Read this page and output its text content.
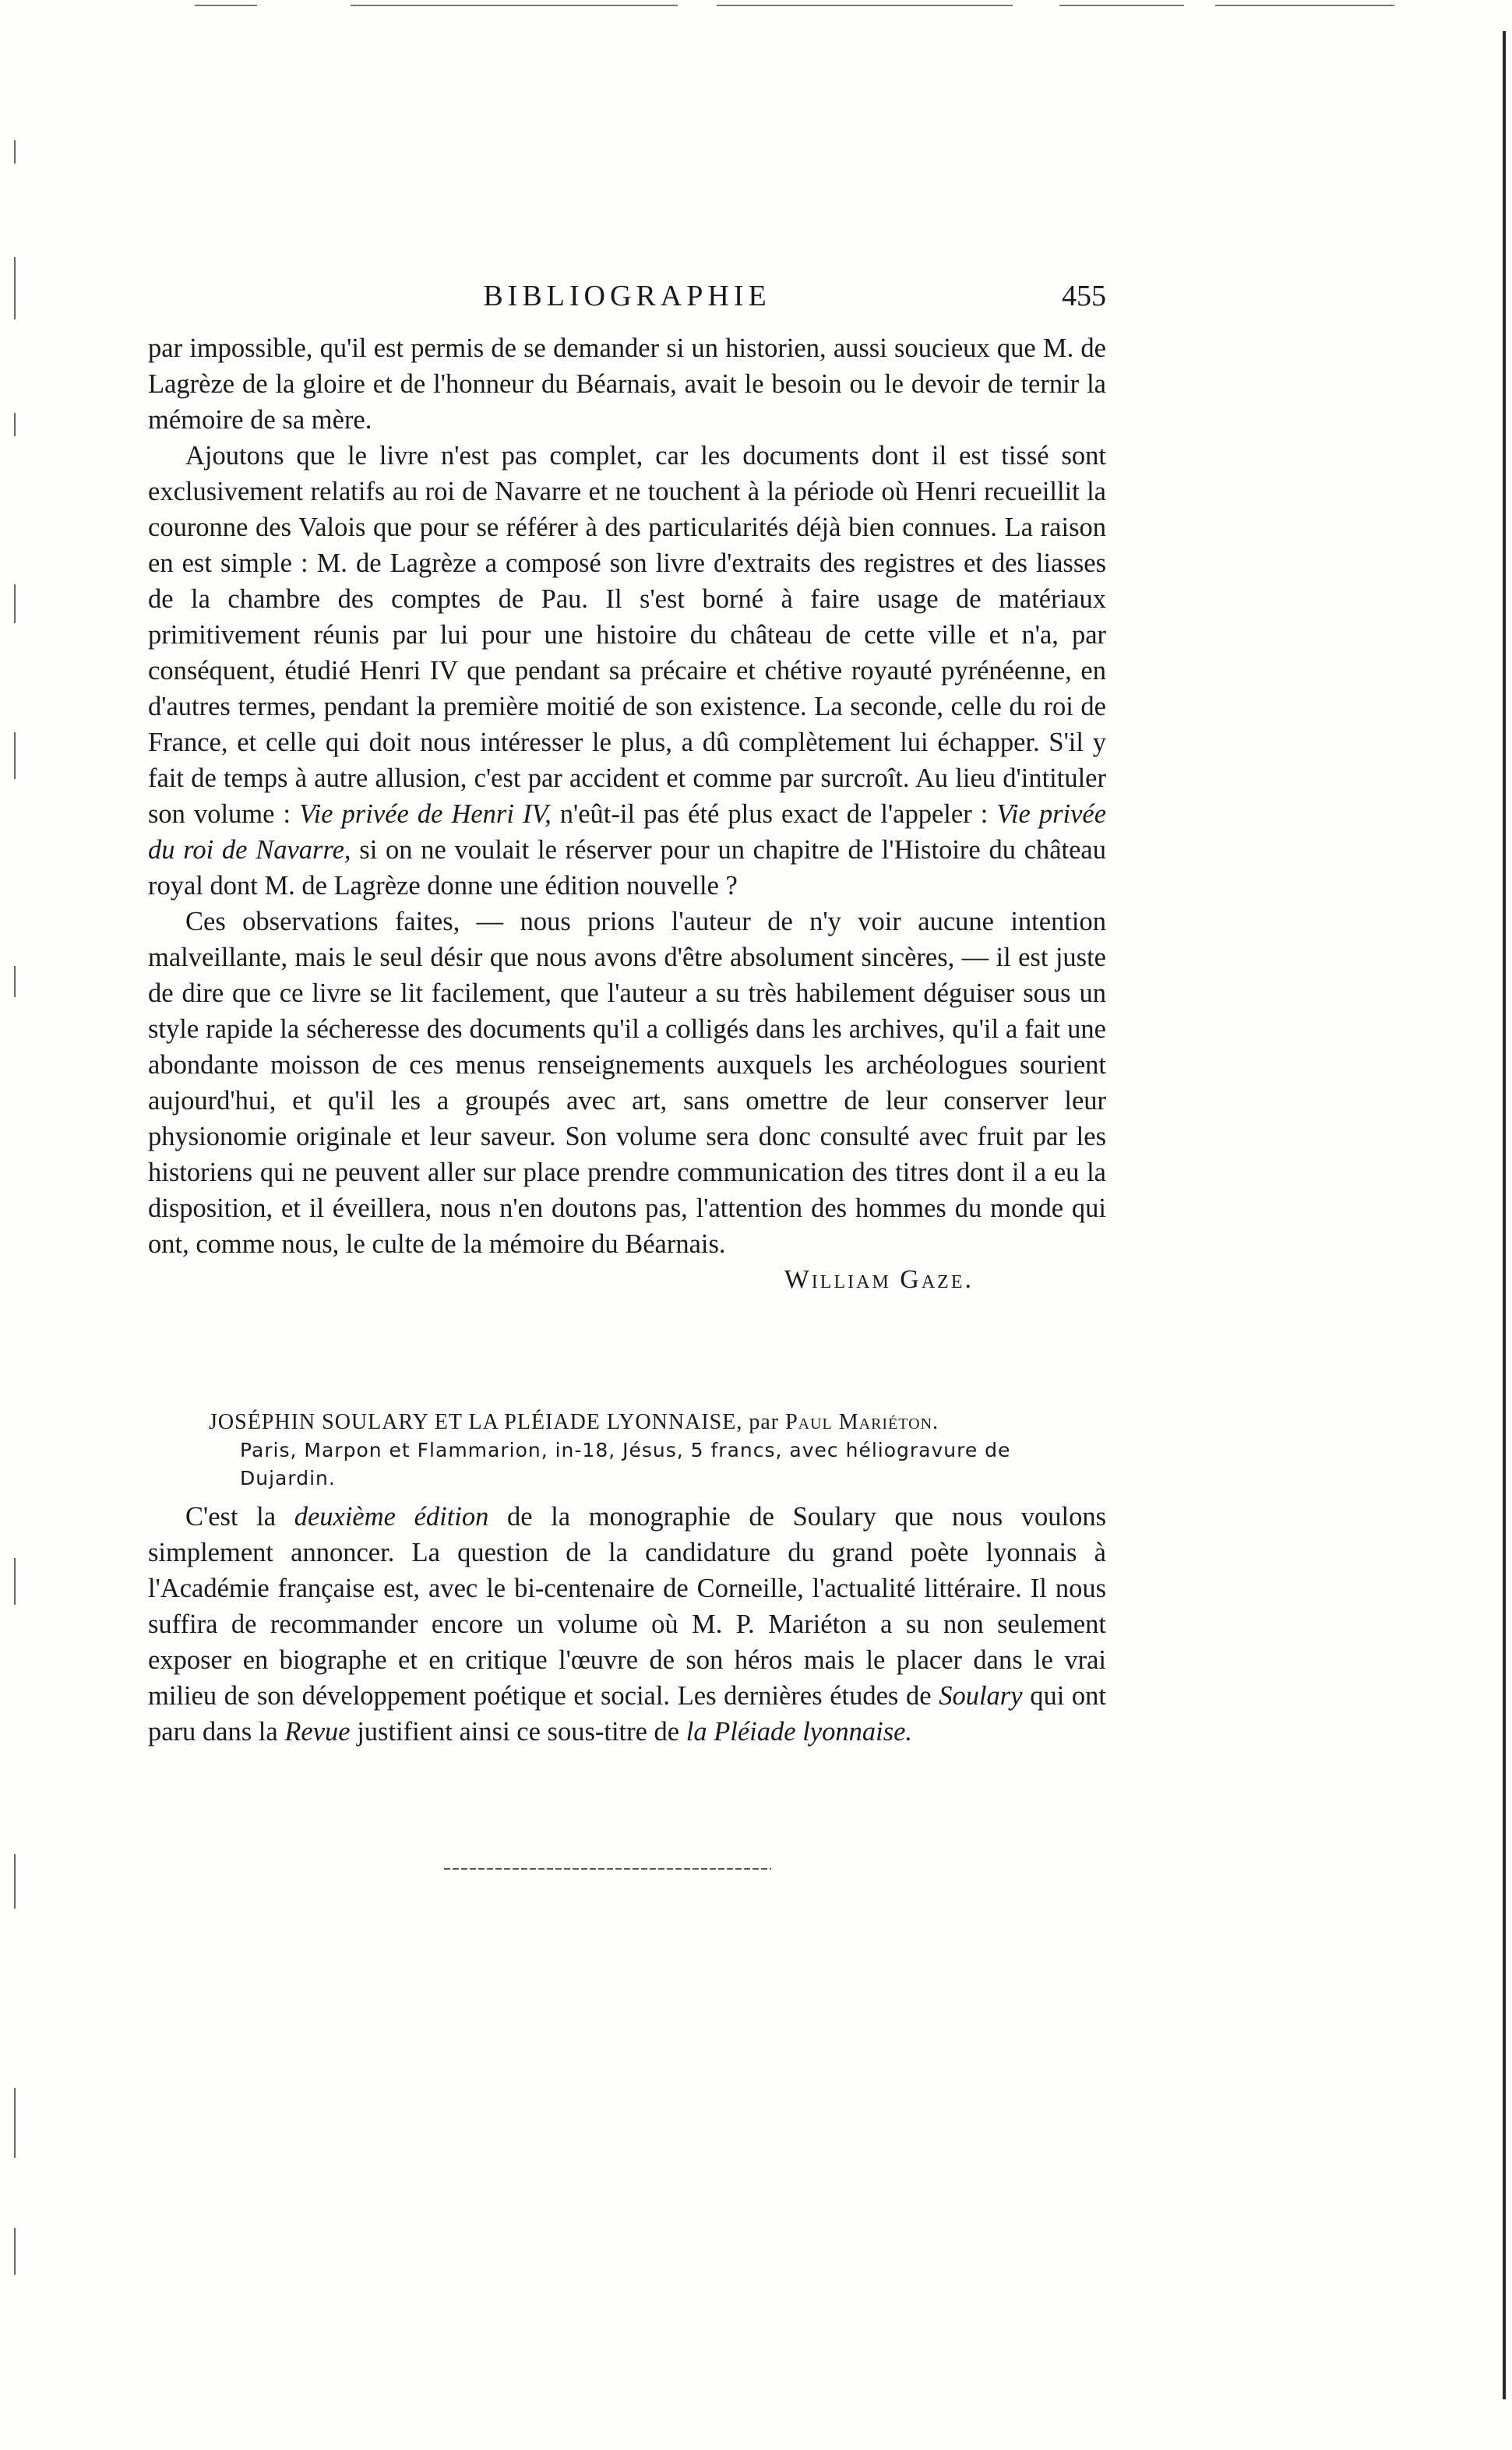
BIBLIOGRAPHIE	455

par impossible, qu'il est permis de se demander si un historien, aussi soucieux que M. de Lagrèze de la gloire et de l'honneur du Béarnais, avait le besoin ou le devoir de ternir la mémoire de sa mère.

Ajoutons que le livre n'est pas complet, car les documents dont il est tissé sont exclusivement relatifs au roi de Navarre et ne touchent à la période où Henri recueillit la couronne des Valois que pour se référer à des particularités déjà bien connues. La raison en est simple : M. de Lagrèze a composé son livre d'extraits des registres et des liasses de la chambre des comptes de Pau. Il s'est borné à faire usage de matériaux primitivement réunis par lui pour une histoire du château de cette ville et n'a, par conséquent, étudié Henri IV que pendant sa précaire et chétive royauté pyrénéenne, en d'autres termes, pendant la première moitié de son existence. La seconde, celle du roi de France, et celle qui doit nous intéresser le plus, a dû complètement lui échapper. S'il y fait de temps à autre allusion, c'est par accident et comme par surcroît. Au lieu d'intituler son volume : Vie privée de Henri IV, n'eût-il pas été plus exact de l'appeler : Vie privée du roi de Navarre, si on ne voulait le réserver pour un chapitre de l'Histoire du château royal dont M. de Lagrèze donne une édition nouvelle ?

Ces observations faites, — nous prions l'auteur de n'y voir aucune intention malveillante, mais le seul désir que nous avons d'être absolument sincères, — il est juste de dire que ce livre se lit facilement, que l'auteur a su très habilement déguiser sous un style rapide la sécheresse des documents qu'il a colligés dans les archives, qu'il a fait une abondante moisson de ces menus renseignements auxquels les archéologues sourient aujourd'hui, et qu'il les a groupés avec art, sans omettre de leur conserver leur physionomie originale et leur saveur. Son volume sera donc consulté avec fruit par les historiens qui ne peuvent aller sur place prendre communication des titres dont il a eu la disposition, et il éveillera, nous n'en doutons pas, l'attention des hommes du monde qui ont, comme nous, le culte de la mémoire du Béarnais.

William Gaze.
JOSÉPHIN SOULARY ET LA PLÉIADE LYONNAISE, par Paul Mariéton.
Paris, Marpon et Flammarion, in-18, Jésus, 5 francs, avec héliogravure de Dujardin.

C'est la deuxième édition de la monographie de Soulary que nous voulons simplement annoncer. La question de la candidature du grand poète lyonnais à l'Académie française est, avec le bi-centenaire de Corneille, l'actualité littéraire. Il nous suffira de recommander encore un volume où M. P. Mariéton a su non seulement exposer en biographe et en critique l'œuvre de son héros mais le placer dans le vrai milieu de son développement poétique et social. Les dernières études de Soulary qui ont paru dans la Revue justifient ainsi ce sous-titre de la Pléiade lyonnaise.
